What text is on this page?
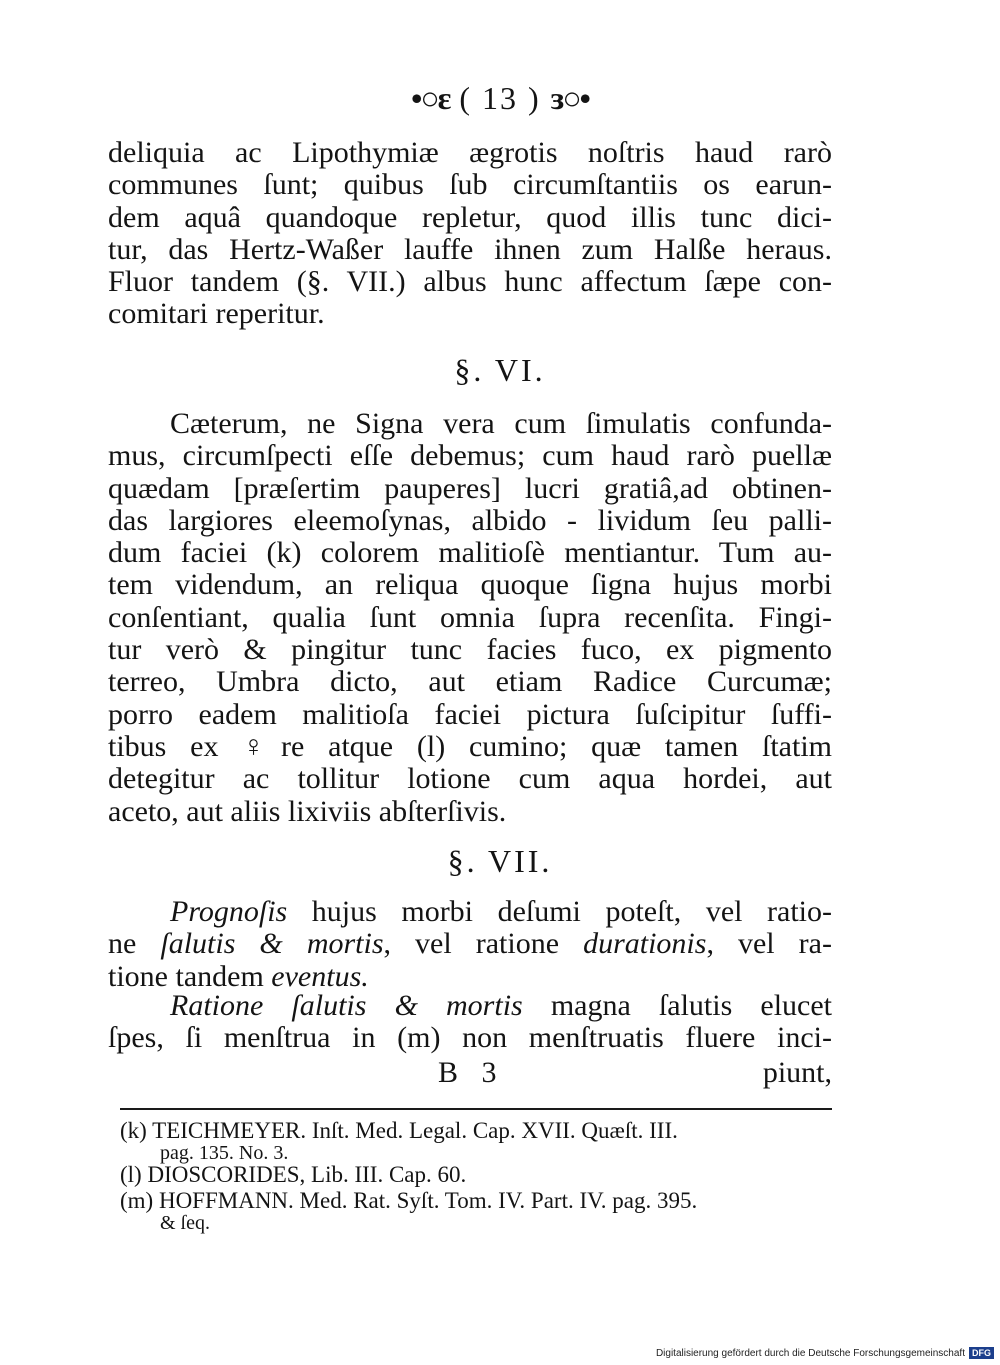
•○ɛ ( 13 ) ɜ○•
deliquia ac Lipothymiæ ægrotis noſtris haud rarò
communes ſunt; quibus ſub circumſtantiis os earun-
dem aquâ quandoque repletur, quod illis tunc dici-
tur, das Hertz-Waßer lauffe ihnen zum Halße heraus.
Fluor tandem (§. VII.) albus hunc affectum ſæpe con-
comitari reperitur.
§. VI.
Cæterum, ne Signa vera cum ſimulatis confunda-
mus, circumſpecti eſſe debemus; cum haud rarò puellæ
quædam [præſertim pauperes] lucri gratiâ,ad obtinen-
das largiores eleemoſynas, albido - lividum ſeu palli-
dum faciei (k) colorem malitioſè mentiantur. Tum au-
tem videndum, an reliqua quoque ſigna hujus morbi
conſentiant, qualia ſunt omnia ſupra recenſita. Fingi-
tur verò & pingitur tunc facies fuco, ex pigmento
terreo, Umbra dicto, aut etiam Radice Curcumæ;
porro eadem malitioſa faciei pictura ſuſcipitur ſuffi-
tibus ex ♀re atque (l) cumino; quæ tamen ſtatim
detegitur ac tollitur lotione cum aqua hordei, aut
aceto, aut aliis lixiviis abſterſivis.
§. VII.
Prognoſis hujus morbi deſumi poteſt, vel ratio-
ne ſalutis & mortis, vel ratione durationis, vel ra-
tione tandem eventus.
Ratione ſalutis & mortis magna ſalutis elucet
ſpes, ſi menſtrua in (m) non menſtruatis fluere inci-
B 3	piunt,
(k) TEICHMEYER. Inſt. Med. Legal. Cap. XVII. Quæſt. III.
pag. 135. No. 3.
(l) DIOSCORIDES, Lib. III. Cap. 60.
(m) HOFFMANN. Med. Rat. Syſt. Tom. IV. Part. IV. pag. 395.
& ſeq.
Digitalisierung gefördert durch die Deutsche Forschungsgemeinschaft DFG
